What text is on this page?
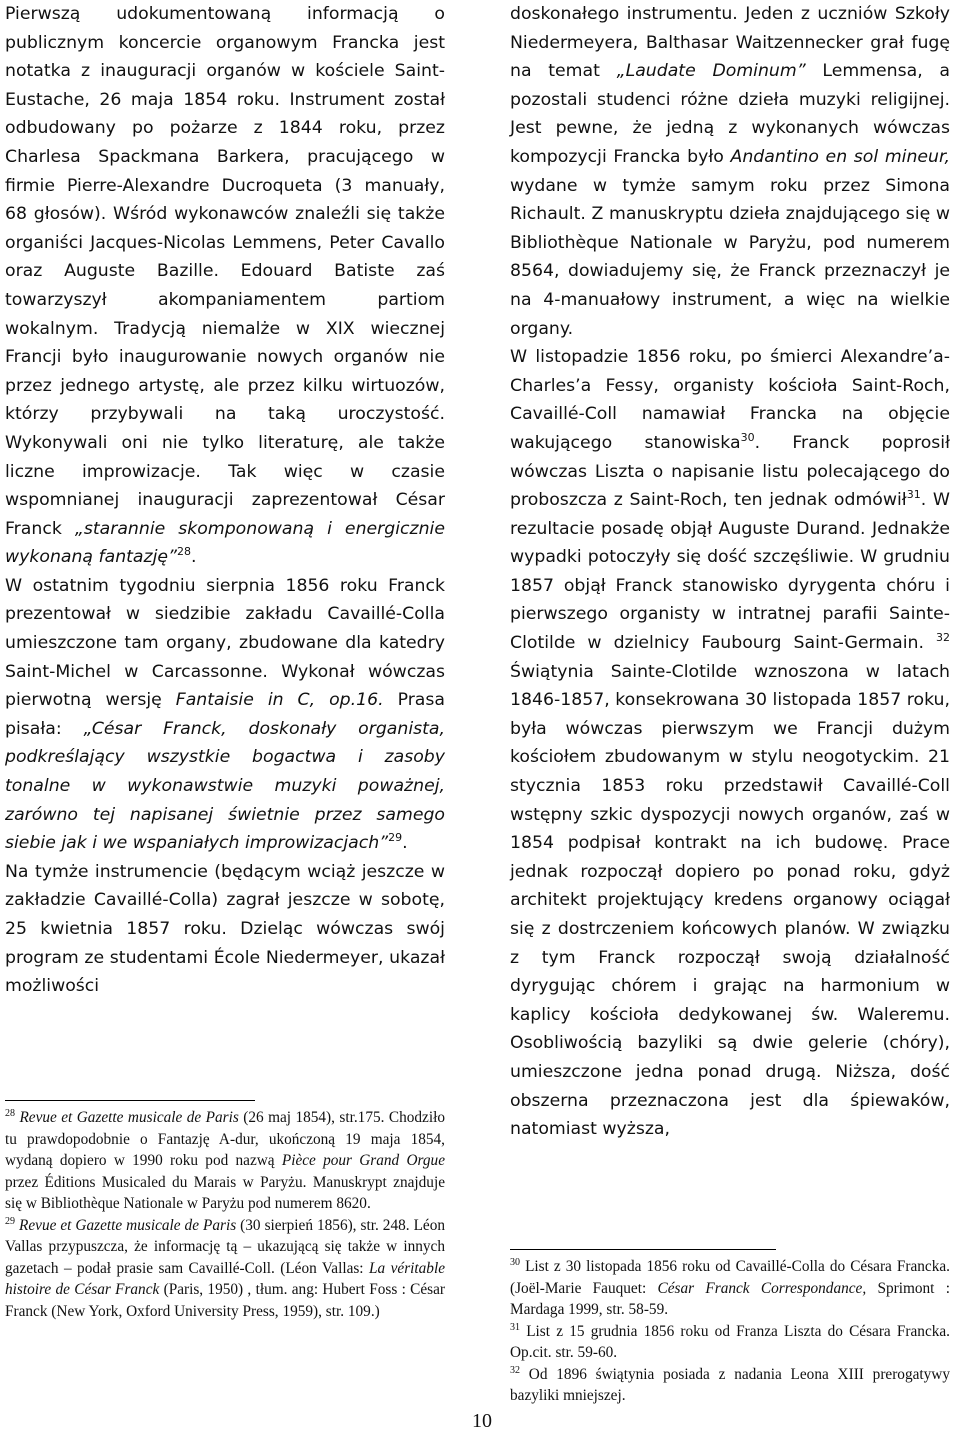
Pierwszą udokumentowaną informacją o publicznym koncercie organowym Francka jest notatka z inauguracji organów w kościele Saint-Eustache, 26 maja 1854 roku. Instrument został odbudowany po pożarze z 1844 roku, przez Charlesa Spackmana Barkera, pracującego w firmie Pierre-Alexandre Ducroqueta (3 manuały, 68 głosów). Wśród wykonawców znaleźli się także organiści Jacques-Nicolas Lemmens, Peter Cavallo oraz Auguste Bazille. Edouard Batiste zaś towarzyszył akompaniamentem partiom wokalnym. Tradycją niemalże w XIX wiecznej Francji było inaugurowanie nowych organów nie przez jednego artystę, ale przez kilku wirtuozów, którzy przybywali na taką uroczystość. Wykonywali oni nie tylko literaturę, ale także liczne improwizacje. Tak więc w czasie wspomnianej inauguracji zaprezentował César Franck „starannie skomponowaną i energicznie wykonaną fantazję”$^{28}$.

W ostatnim tygodniu sierpnia 1856 roku Franck prezentował w siedzibie zakładu Cavaillé-Colla umieszczone tam organy, zbudowane dla katedry Saint-Michel w Carcassonne. Wykonał wówczas pierwotną wersję Fantaisie in C, op.16. Prasa pisała: „César Franck, doskonały organista, podkreślający wszystkie bogactwa i zasoby tonalne w wykonawstwie muzyki poważnej, zarówno tej napisanej świetnie przez samego siebie jak i we wspaniałych improwizacjach”$^{29}$.

Na tymże instrumencie (będącym wciąż jeszcze w zakładzie Cavaillé-Colla) zagrał jeszcze w sobotę, 25 kwietnia 1857 roku. Dzieląc wówczas swój program ze studentami École Niedermeyer, ukazał możliwości

$^{28}$ Revue et Gazette musicale de Paris (26 maj 1854), str.175. Chodziło tu prawdopodobnie o Fantazję A-dur, ukończoną 19 maja 1854, wydaną dopiero w 1990 roku pod nazwą Pièce pour Grand Orgue przez Éditions Musicaled du Marais w Paryżu. Manuskrypt znajduje się w Bibliothèque Nationale w Paryżu pod numerem 8620.

$^{29}$ Revue et Gazette musicale de Paris (30 sierpień 1856), str. 248. Léon Vallas przypuszcza, że informację tą – ukazującą się także w innych gazetach – podał prasie sam Cavaillé-Coll. (Léon Vallas: La véritable histoire de César Franck (Paris, 1950) , tłum. ang: Hubert Foss : César Franck (New York, Oxford University Press, 1959), str. 109.)

doskonałego instrumentu. Jeden z uczniów Szkoły Niedermeyera, Balthasar Waitzennecker grał fugę na temat „Laudate Dominum” Lemmensa, a pozostali studenci różne dzieła muzyki religijnej. Jest pewne, że jedną z wykonanych wówczas kompozycji Francka było Andantino en sol mineur, wydane w tymże samym roku przez Simona Richault. Z manuskryptu dzieła znajdującego się w Bibliothèque Nationale w Paryżu, pod numerem 8564, dowiadujemy się, że Franck przeznaczył je na 4-manuałowy instrument, a więc na wielkie organy.

W listopadzie 1856 roku, po śmierci Alexandre’a-Charles’a Fessy, organisty kościoła Saint-Roch, Cavaillé-Coll namawiał Francka na objęcie wakującego stanowiska$^{30}$. Franck poprosił wówczas Liszta o napisanie listu polecającego do proboszcza z Saint-Roch, ten jednak odmówił$^{31}$. W rezultacie posadę objął Auguste Durand. Jednakże wypadki potoczyły się dość szczęśliwie. W grudniu 1857 objął Franck stanowisko dyrygenta chóru i pierwszego organisty w intratnej parafii Sainte-Clotilde w dzielnicy Faubourg Saint-Germain. $^{32}$ Świątynia Sainte-Clotilde wznoszona w latach 1846-1857, konsekrowana 30 listopada 1857 roku, była wówczas pierwszym we Francji dużym kościołem zbudowanym w stylu neogotyckim. 21 stycznia 1853 roku przedstawił Cavaillé-Coll wstępny szkic dyspozycji nowych organów, zaś w 1854 podpisał kontrakt na ich budowę. Prace jednak rozpoczął dopiero po ponad roku, gdyż architekt projektujący kredens organowy ociągał się z dostrczeniem końcowych planów. W związku z tym Franck rozpoczął swoją działalność dyrygując chórem i grając na harmonium w kaplicy kościoła dedykowanej św. Waleremu. Osobliwością bazyliki są dwie gelerie (chóry), umieszczone jedna ponad drugą. Niższa, dość obszerna przeznaczona jest dla śpiewaków, natomiast wyższa,

$^{30}$ List z 30 listopada 1856 roku od Cavaillé-Colla do Césara Francka. (Joël-Marie Fauquet: César Franck Correspondance, Sprimont : Mardaga 1999, str. 58-59.

$^{31}$ List z 15 grudnia 1856 roku od Franza Liszta do Césara Francka. Op.cit. str. 59-60.

$^{32}$ Od 1896 świątynia posiada z nadania Leona XIII prerogatywy bazyliki mniejszej.

10
